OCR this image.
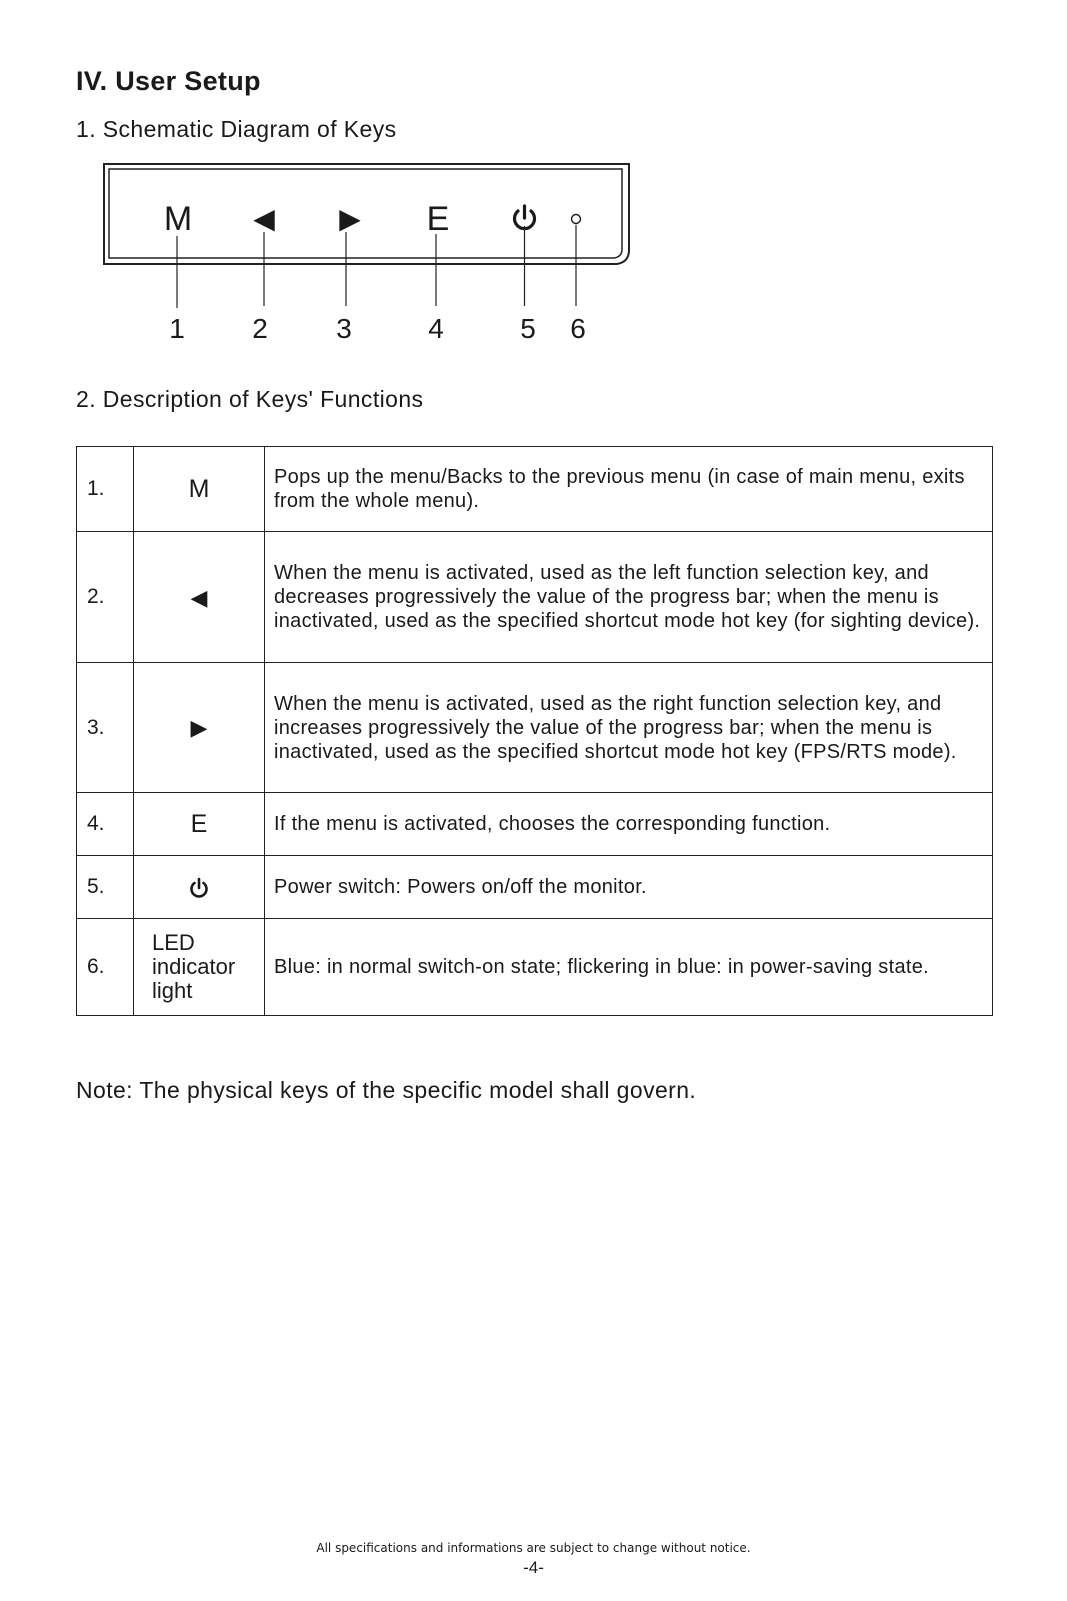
IV. User Setup
1. Schematic Diagram of Keys
M ◀ ▶ E
1 2 3	4	5 6
2. Description of Keys' Functions
1.	M	Pops up the menu/Backs to the previous menu (in case of main menu, exits from the whole menu).
2.	◀	When the menu is activated, used as the left function selection key, and decreases progressively the value of the progress bar; when the menu is inactivated, used as the specified shortcut mode hot key (for sighting device).
3.	▶	When the menu is activated, used as the right function selection key, and increases progressively the value of the progress bar; when the menu is inactivated, used as the specified shortcut mode hot key (FPS/RTS mode).
4.	E	If the menu is activated, chooses the corresponding function.
5.		Power switch: Powers on/off the monitor.
6.	LED
indicator
light	Blue: in normal switch-on state; flickering in blue: in power-saving state.

Note: The physical keys of the specific model shall govern.

All specifications and informations are subject to change without notice.

-4-
